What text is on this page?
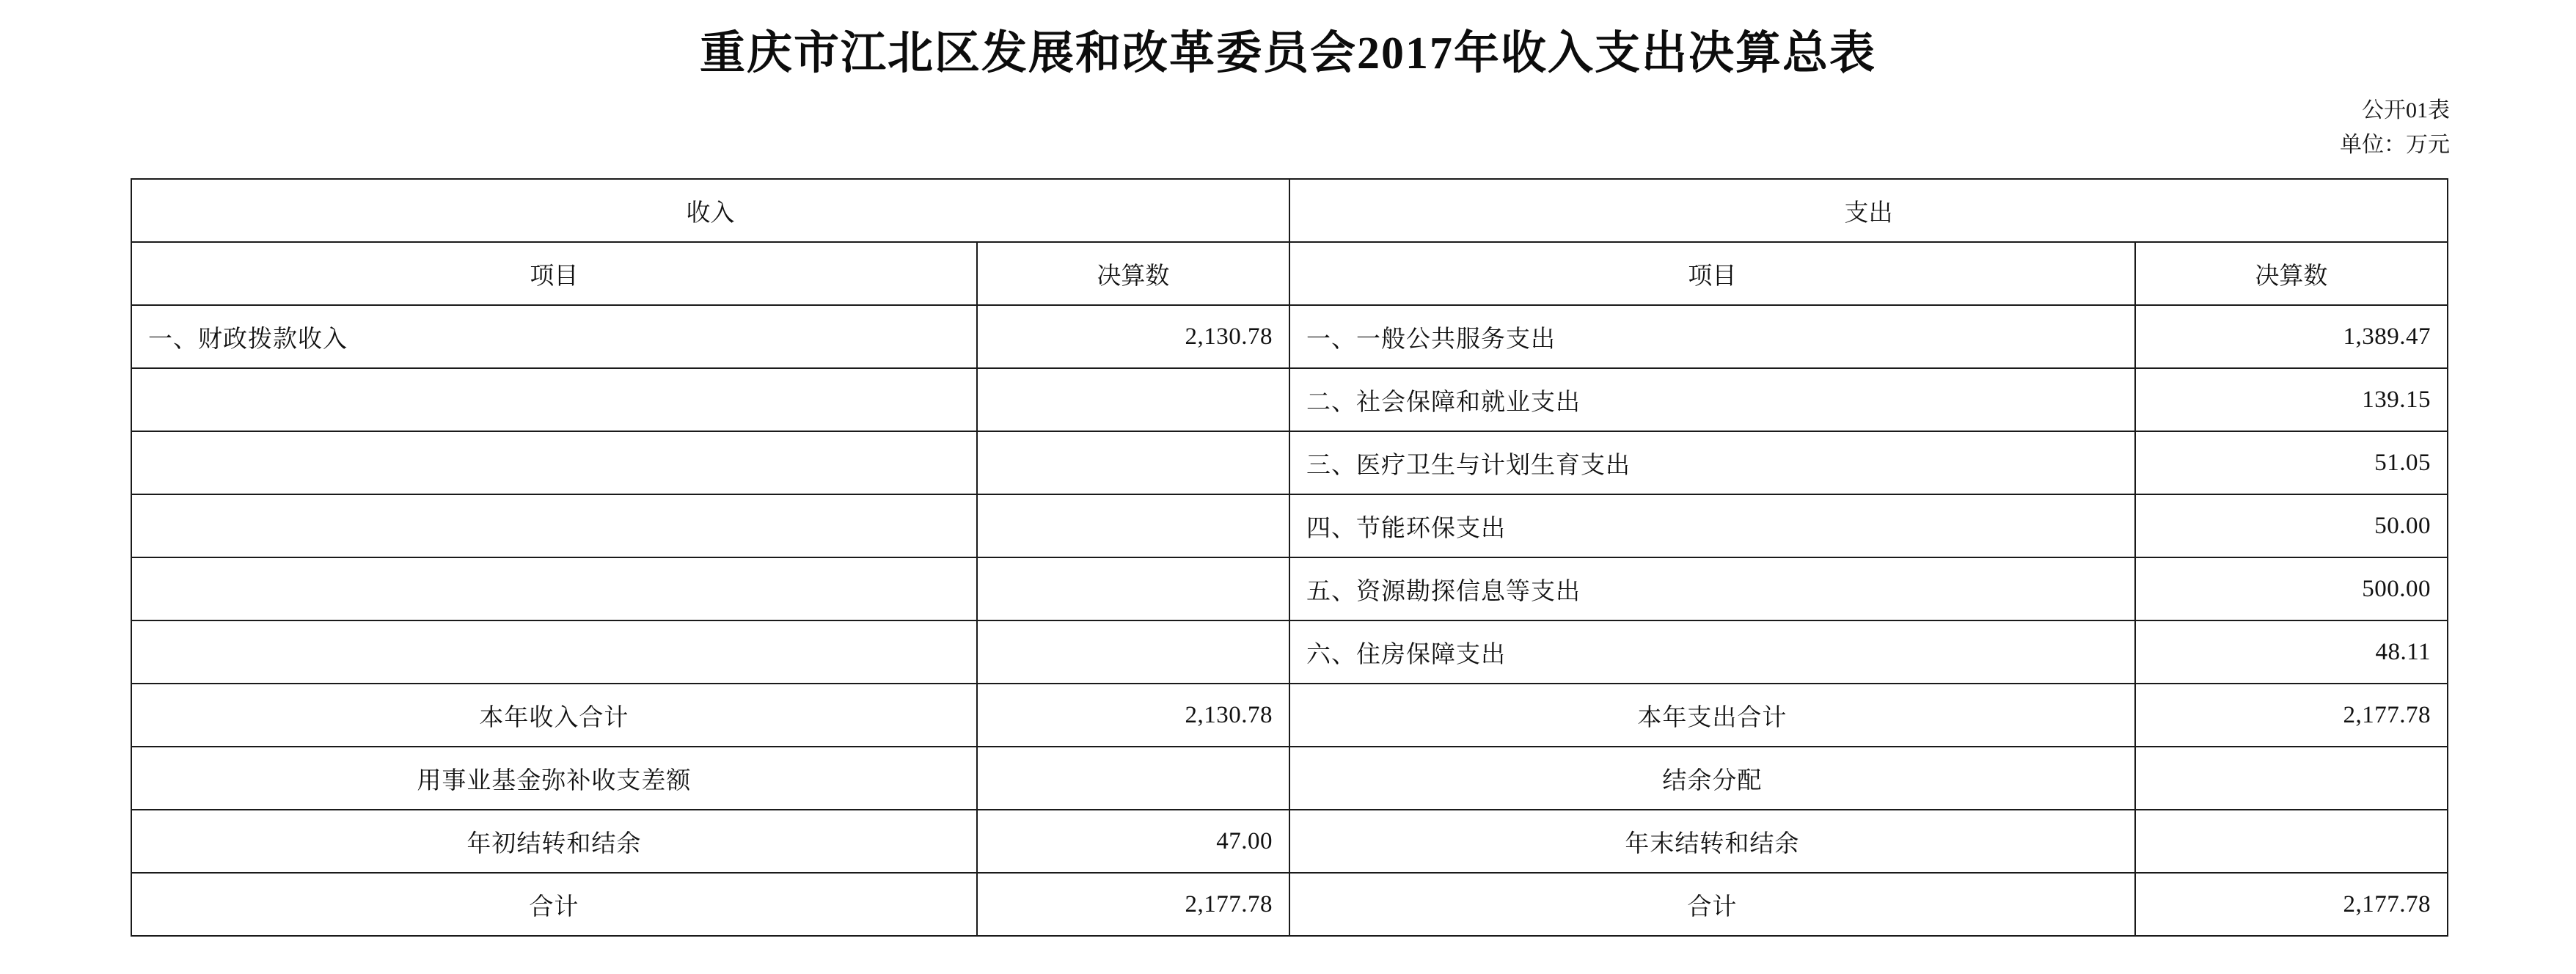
重庆市江北区发展和改革委员会2017年收入支出决算总表
公开01表
单位：万元
收入		支出	
项目	决算数	项目	决算数
一、财政拨款收入	2,130.78	一、一般公共服务支出	1,389.47
		二、社会保障和就业支出	139.15
		三、医疗卫生与计划生育支出	51.05
		四、节能环保支出	50.00
		五、资源勘探信息等支出	500.00
		六、住房保障支出	48.11
本年收入合计	2,130.78	本年支出合计	2,177.78
用事业基金弥补收支差额		结余分配	
年初结转和结余	47.00	年末结转和结余	
合计	2,177.78	合计	2,177.78
